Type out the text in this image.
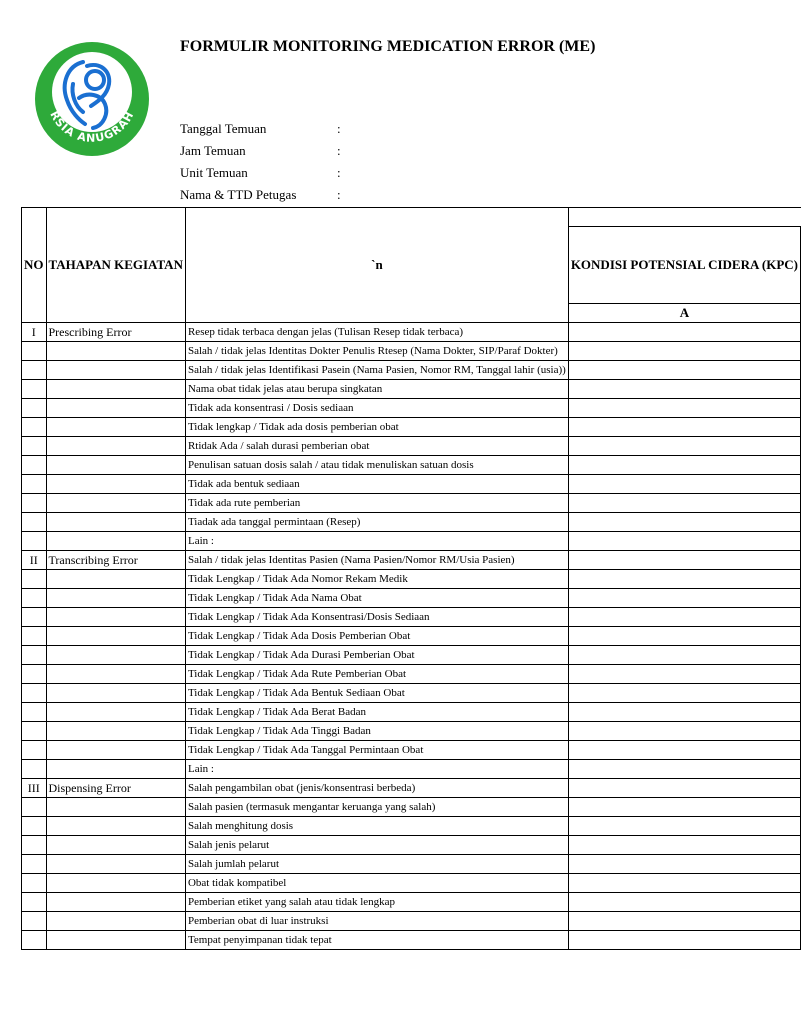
RSIA ANUGRAH
FORMULIR MONITORING MEDICATION ERROR (ME)
Tanggal Temuan	:
Jam Temuan	:
Unit Temuan	:
Nama & TTD Petugas	:
NO	TAHAPAN KEGIATAN	`n	
			KONDISI POTENSIAL CIDERA (KPC)
			A
I	Prescribing Error	Resep tidak terbaca dengan jelas (Tulisan Resep tidak terbaca)	
		Salah / tidak jelas Identitas Dokter Penulis Rtesep (Nama Dokter, SIP/Paraf Dokter)	
		Salah / tidak jelas Identifikasi Pasein (Nama Pasien, Nomor RM, Tanggal lahir (usia))	
		Nama obat tidak jelas atau berupa singkatan	
		Tidak ada konsentrasi / Dosis sediaan	
		Tidak lengkap / Tidak ada dosis pemberian obat	
		Rtidak Ada / salah durasi pemberian obat	
		Penulisan satuan dosis salah / atau tidak menuliskan satuan dosis	
		Tidak ada bentuk sediaan	
		Tidak ada rute pemberian	
		Tiadak ada tanggal permintaan (Resep)	
		Lain :	
II	Transcribing Error	Salah / tidak jelas Identitas Pasien (Nama Pasien/Nomor RM/Usia Pasien)	
		Tidak Lengkap / Tidak Ada Nomor Rekam Medik	
		Tidak Lengkap / Tidak Ada Nama Obat	
		Tidak Lengkap / Tidak Ada Konsentrasi/Dosis Sediaan	
		Tidak Lengkap / Tidak Ada Dosis Pemberian Obat	
		Tidak Lengkap / Tidak Ada Durasi Pemberian Obat	
		Tidak Lengkap / Tidak Ada Rute Pemberian Obat	
		Tidak Lengkap / Tidak Ada Bentuk Sediaan Obat	
		Tidak Lengkap / Tidak Ada Berat Badan	
		Tidak Lengkap / Tidak Ada Tinggi Badan	
		Tidak Lengkap / Tidak Ada Tanggal Permintaan Obat	
		Lain :	
III	Dispensing Error	Salah pengambilan obat (jenis/konsentrasi berbeda)	
		Salah pasien (termasuk mengantar keruanga yang salah)	
		Salah menghitung dosis	
		Salah jenis pelarut	
		Salah jumlah pelarut	
		Obat tidak kompatibel	
		Pemberian etiket yang salah atau tidak lengkap	
		Pemberian obat di luar instruksi	
		Tempat penyimpanan tidak tepat	
